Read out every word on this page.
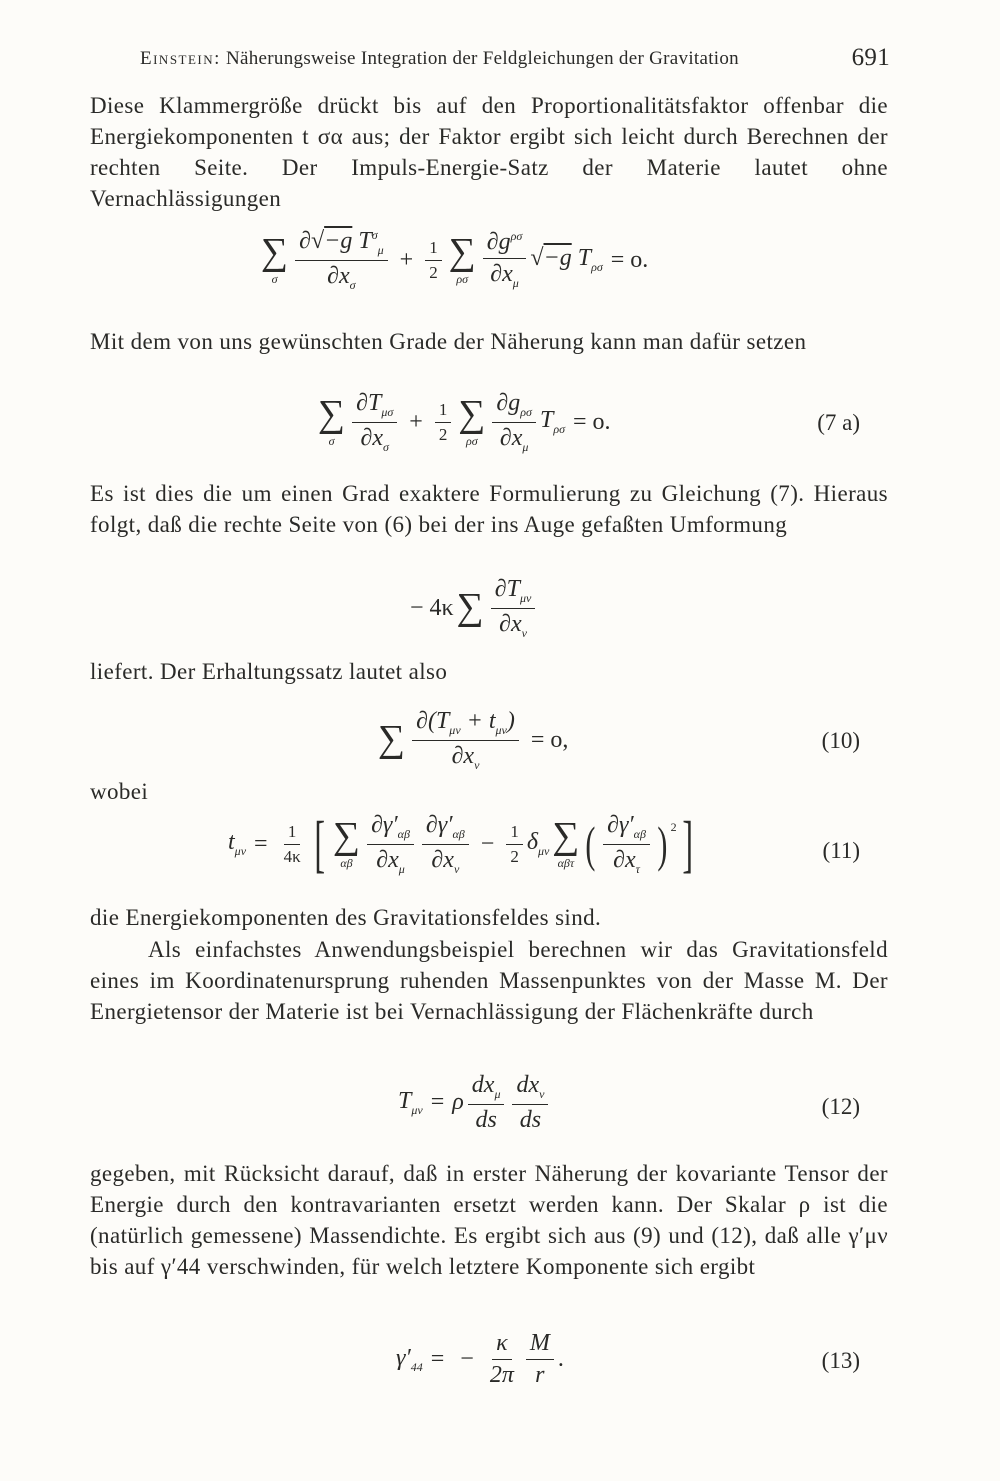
Einstein: Näherungsweise Integration der Feldgleichungen der Gravitation	691
Diese Klammergröße drückt bis auf den Proportionalitätsfaktor offenbar die Energiekomponenten t σα aus; der Faktor ergibt sich leicht durch Berechnen der rechten Seite. Der Impuls-Energie-Satz der Materie lautet ohne Vernachlässigungen
∑
σ $\frac{\partial√-g T^\sigma_\mu}{\partial x_\sigma} + \frac{1}{2}$ ∑
ρσ $\frac{\partial g^{\rho\sigma}}{\partial x_\mu} √-g$ $T_{\rho\sigma} = o$.
Mit dem von uns gewünschten Grade der Näherung kann man dafür setzen
∑
σ $\frac{\partial T_{\mu\sigma}}{\partial x_\sigma} + \frac{1}{2}$ ∑
ρσ $\frac{\partial g_{\rho\sigma}}{\partial x_\mu} T_{\rho\sigma} = o$.	(7 a)
Es ist dies die um einen Grad exaktere Formulierung zu Gleichung (7). Hieraus folgt, daß die rechte Seite von (6) bei der ins Auge gefaßten Umformung
− 4κ ∑ $\frac{\partial T_{\mu\nu}}{\partial x_\nu}$
liefert. Der Erhaltungssatz lautet also
∑ $\frac{\partial(T_{\mu\nu} + t_{\mu\nu})}{\partial x_\nu} = o$,	(10)
wobei
$t_{\mu\nu} = \frac{1}{4\kappa}$ [ ∑
αβ $\frac{\partial\gamma'_{\alpha\beta}}{\partial x_\mu} \frac{\partial\gamma'_{\alpha\beta}}{\partial x_\nu} - \frac{1}{2} \delta_{\mu\nu}$ ∑
αβτ ( $\frac{\partial\gamma'_{\alpha\beta}}{\partial x_\tau}$ ) $^2$ ]	(11)
die Energiekomponenten des Gravitationsfeldes sind.
Als einfachstes Anwendungsbeispiel berechnen wir das Gravitationsfeld eines im Koordinatenursprung ruhenden Massenpunktes von der Masse M. Der Energietensor der Materie ist bei Vernachlässigung der Flächenkräfte durch
$T_{\mu\nu} = \rho \frac{dx_\mu}{ds} \frac{dx_\nu}{ds}$	(12)
gegeben, mit Rücksicht darauf, daß in erster Näherung der kovariante Tensor der Energie durch den kontravarianten ersetzt werden kann. Der Skalar ρ ist die (natürlich gemessene) Massendichte. Es ergibt sich aus (9) und (12), daß alle γ′μν bis auf γ′44 verschwinden, für welch letztere Komponente sich ergibt
$\gamma'_{44}$ = − $\frac{\kappa}{2\pi} \frac{M}{r}$ .	(13)
